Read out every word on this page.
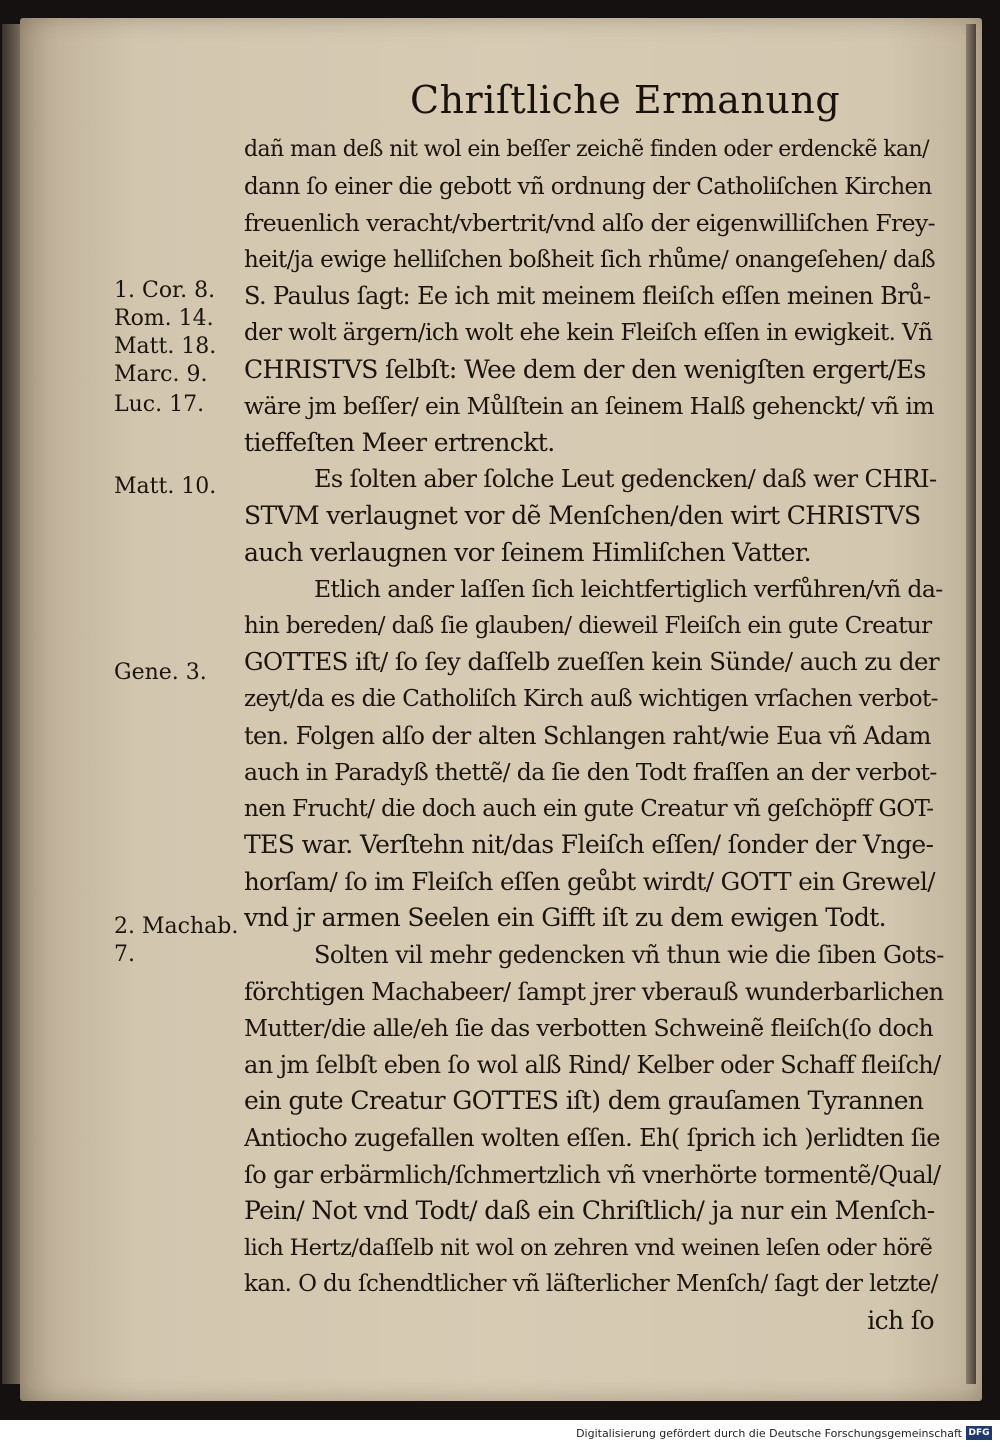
Chriſtliche Ermanung
dañ man deß nit wol ein beſſer zeichẽ finden oder erdenckẽ kan/
dann ſo einer die gebott vñ ordnung der Catholiſchen Kirchen
freuenlich veracht/vbertrit/vnd alſo der eigenwilliſchen Frey-
heit/ja ewige helliſchen boßheit ſich rhůme/ onangeſehen/ daß
S. Paulus ſagt: Ee ich mit meinem fleiſch eſſen meinen Brů-
der wolt ärgern/ich wolt ehe kein Fleiſch eſſen in ewigkeit. Vñ
CHRISTVS ſelbſt: Wee dem der den wenigſten ergert/Es
wäre jm beſſer/ ein Můlſtein an ſeinem Halß gehenckt/ vñ im
tieffeſten Meer ertrenckt.
Es ſolten aber ſolche Leut gedencken/ daß wer CHRI-
STVM verlaugnet vor dẽ Menſchen/den wirt CHRISTVS
auch verlaugnen vor ſeinem Himliſchen Vatter.
Etlich ander laſſen ſich leichtfertiglich verfůhren/vñ da-
hin bereden/ daß ſie glauben/ dieweil Fleiſch ein gute Creatur
GOTTES iſt/ ſo ſey daſſelb zueſſen kein Sünde/ auch zu der
zeyt/da es die Catholiſch Kirch auß wichtigen vrſachen verbot-
ten. Folgen alſo der alten Schlangen raht/wie Eua vñ Adam
auch in Paradyß thettẽ/ da ſie den Todt fraſſen an der verbot-
nen Frucht/ die doch auch ein gute Creatur vñ geſchöpff GOT-
TES war. Verſtehn nit/das Fleiſch eſſen/ ſonder der Vnge-
horſam/ ſo im Fleiſch eſſen geůbt wirdt/ GOTT ein Grewel/
vnd jr armen Seelen ein Gifft iſt zu dem ewigen Todt.
Solten vil mehr gedencken vñ thun wie die ſiben Gots-
förchtigen Machabeer/ ſampt jrer vberauß wunderbarlichen
Mutter/die alle/eh ſie das verbotten Schweinẽ fleiſch(ſo doch
an jm ſelbſt eben ſo wol alß Rind/ Kelber oder Schaff fleiſch/
ein gute Creatur GOTTES iſt) dem grauſamen Tyrannen
Antiocho zugefallen wolten eſſen. Eh( ſprich ich )erlidten ſie
ſo gar erbärmlich/ſchmertzlich vñ vnerhörte tormentẽ/Qual/
Pein/ Not vnd Todt/ daß ein Chriſtlich/ ja nur ein Menſch-
lich Hertz/daſſelb nit wol on zehren vnd weinen leſen oder hörẽ
kan. O du ſchendtlicher vñ läſterlicher Menſch/ ſagt der letzte/
ich ſo
1. Cor. 8.
Rom. 14.
Matt. 18.
Marc. 9.
Luc. 17.
Matt. 10.
Gene. 3.
2. Machab.
7.
Digitalisierung gefördert durch die Deutsche Forschungsgemeinschaft DFG
